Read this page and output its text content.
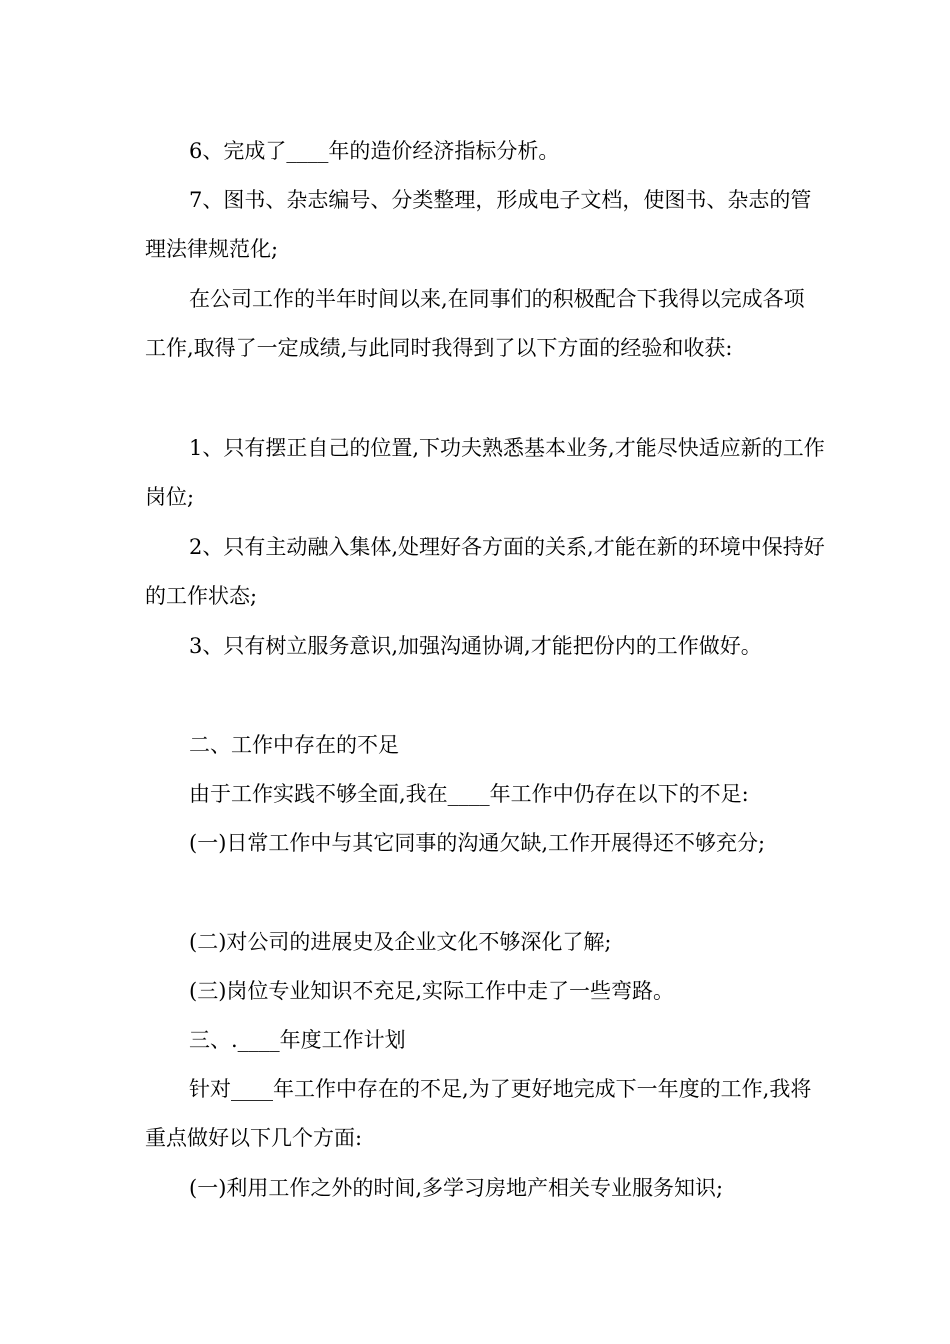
6、完成了____年的造价经济指标分析。
7、图书、杂志编号、分类整理，形成电子文档，使图书、杂志的管理法律规范化;
在公司工作的半年时间以来,在同事们的积极配合下我得以完成各项工作,取得了一定成绩,与此同时我得到了以下方面的经验和收获:
1、只有摆正自己的位置,下功夫熟悉基本业务,才能尽快适应新的工作岗位;
2、只有主动融入集体,处理好各方面的关系,才能在新的环境中保持好的工作状态;
3、只有树立服务意识,加强沟通协调,才能把份内的工作做好。
二、工作中存在的不足
由于工作实践不够全面,我在____年工作中仍存在以下的不足:
(一)日常工作中与其它同事的沟通欠缺,工作开展得还不够充分;
(二)对公司的进展史及企业文化不够深化了解;
(三)岗位专业知识不充足,实际工作中走了一些弯路。
三、.____年度工作计划
针对____年工作中存在的不足,为了更好地完成下一年度的工作,我将重点做好以下几个方面:
(一)利用工作之外的时间,多学习房地产相关专业服务知识;
